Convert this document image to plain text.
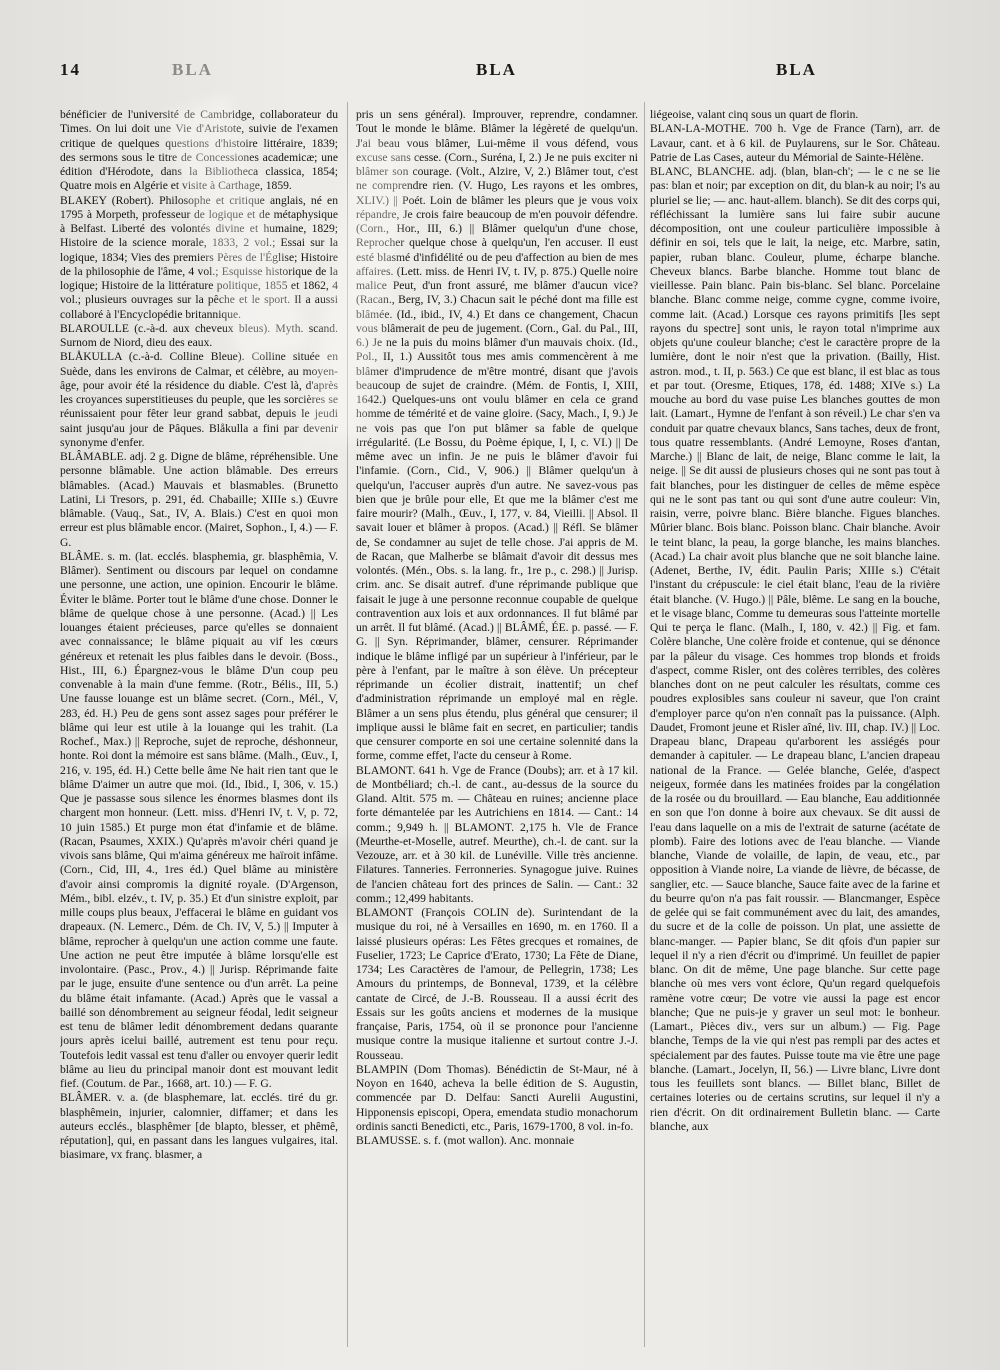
14	BLA	BLA	BLA

bénéficier de l'université de Cambridge, collaborateur du Times. On lui doit une Vie d'Aristote, suivie de l'examen critique de quelques questions d'histoire littéraire, 1839; des sermons sous le titre de Concessiones academicæ; une édition d'Hérodote, dans la Bibliotheca classica, 1854; Quatre mois en Algérie et visite à Carthage, 1859.

BLAKEY (Robert). Philosophe et critique anglais, né en 1795 à Morpeth, professeur de logique et de métaphysique à Belfast. Liberté des volontés divine et humaine, 1829; Histoire de la science morale, 1833, 2 vol.; Essai sur la logique, 1834; Vies des premiers Pères de l'Église; Histoire de la philosophie de l'âme, 4 vol.; Esquisse historique de la logique; Histoire de la littérature politique, 1855 et 1862, 4 vol.; plusieurs ouvrages sur la pêche et le sport. Il a aussi collaboré à l'Encyclopédie britannique.

BLAROULLE (c.-à-d. aux cheveux bleus). Myth. scand. Surnom de Niord, dieu des eaux.

BLÅKULLA (c.-à-d. Colline Bleue). Colline située en Suède, dans les environs de Calmar, et célèbre, au moyen-âge, pour avoir été la résidence du diable. C'est là, d'après les croyances superstitieuses du peuple, que les sorcières se réunissaient pour fêter leur grand sabbat, depuis le jeudi saint jusqu'au jour de Pâques. Blåkulla a fini par devenir synonyme d'enfer.

BLÂMABLE. adj. 2 g. Digne de blâme, répréhensible. Une personne blâmable. Une action blâmable. Des erreurs blâmables. (Acad.) Mauvais et blasmables. (Brunetto Latini, Li Tresors, p. 291, éd. Chabaille; XIIIe s.) Œuvre blâmable. (Vauq., Sat., IV, A. Blais.) C'est en quoi mon erreur est plus blâmable encor. (Mairet, Sophon., I, 4.) — F. G.

BLÂME. s. m. (lat. ecclés. blasphemia, gr. blasphêmia, V. Blâmer). Sentiment ou discours par lequel on condamne une personne, une action, une opinion. Encourir le blâme. Éviter le blâme. Porter tout le blâme d'une chose. Donner le blâme de quelque chose à une personne. (Acad.) || Les louanges étaient précieuses, parce qu'elles se donnaient avec connaissance; le blâme piquait au vif les cœurs généreux et retenait les plus faibles dans le devoir. (Boss., Hist., III, 6.) Épargnez-vous le blâme D'un coup peu convenable à la main d'une femme. (Rotr., Bélis., III, 5.) Une fausse louange est un blâme secret. (Corn., Mél., V, 283, éd. H.) Peu de gens sont assez sages pour préférer le blâme qui leur est utile à la louange qui les trahit. (La Rochef., Max.) || Reproche, sujet de reproche, déshonneur, honte. Roi dont la mémoire est sans blâme. (Malh., Œuv., I, 216, v. 195, éd. H.) Cette belle âme Ne hait rien tant que le blâme D'aimer un autre que moi. (Id., Ibid., I, 306, v. 15.) Que je passasse sous silence les énormes blasmes dont ils chargent mon honneur. (Lett. miss. d'Henri IV, t. V, p. 72, 10 juin 1585.) Et purge mon état d'infamie et de blâme. (Racan, Psaumes, XXIX.) Qu'après m'avoir chéri quand je vivois sans blâme, Qui m'aima généreux me haïroit infâme. (Corn., Cid, III, 4., 1res éd.) Quel blâme au ministère d'avoir ainsi compromis la dignité royale. (D'Argenson, Mém., bibl. elzév., t. IV, p. 35.) Et d'un sinistre exploit, par mille coups plus beaux, J'effacerai le blâme en guidant vos drapeaux. (N. Lemerc., Dém. de Ch. IV, V, 5.) || Imputer à blâme, reprocher à quelqu'un une action comme une faute. Une action ne peut être imputée à blâme lorsqu'elle est involontaire. (Pasc., Prov., 4.) || Jurisp. Réprimande faite par le juge, ensuite d'une sentence ou d'un arrêt. La peine du blâme était infamante. (Acad.) Après que le vassal a baillé son dénombrement au seigneur féodal, ledit seigneur est tenu de blâmer ledit dénombrement dedans quarante jours après icelui baillé, autrement est tenu pour reçu. Toutefois ledit vassal est tenu d'aller ou envoyer querir ledit blâme au lieu du principal manoir dont est mouvant ledit fief. (Coutum. de Par., 1668, art. 10.) — F. G.

BLÂMER. v. a. (de blasphemare, lat. ecclés. tiré du gr. blasphêmein, injurier, calomnier, diffamer; et dans les auteurs ecclés., blasphêmer [de blapto, blesser, et phêmê, réputation], qui, en passant dans les langues vulgaires, ital. biasimare, vx franç. blasmer, a

pris un sens général). Improuver, reprendre, condamner. Tout le monde le blâme. Blâmer la légèreté de quelqu'un. J'ai beau vous blâmer, Lui-même il vous défend, vous excuse sans cesse. (Corn., Suréna, I, 2.) Je ne puis exciter ni blâmer son courage. (Volt., Alzire, V, 2.) Blâmer tout, c'est ne comprendre rien. (V. Hugo, Les rayons et les ombres, XLIV.) || Poét. Loin de blâmer les pleurs que je vous voix répandre, Je crois faire beaucoup de m'en pouvoir défendre. (Corn., Hor., III, 6.) || Blâmer quelqu'un d'une chose, Reprocher quelque chose à quelqu'un, l'en accuser. Il eust esté blasmé d'infidélité ou de peu d'affection au bien de mes affaires. (Lett. miss. de Henri IV, t. IV, p. 875.) Quelle noire malice Peut, d'un front assuré, me blâmer d'aucun vice? (Racan., Berg, IV, 3.) Chacun sait le péché dont ma fille est blâmée. (Id., ibid., IV, 4.) Et dans ce changement, Chacun vous blâmerait de peu de jugement. (Corn., Gal. du Pal., III, 6.) Je ne la puis du moins blâmer d'un mauvais choix. (Id., Pol., II, 1.) Aussitôt tous mes amis commencèrent à me blâmer d'imprudence de m'être montré, disant que j'avois beaucoup de sujet de craindre. (Mém. de Fontis, I, XIII, 1642.) Quelques-uns ont voulu blâmer en cela ce grand homme de témérité et de vaine gloire. (Sacy, Mach., I, 9.) Je ne vois pas que l'on put blâmer sa fable de quelque irrégularité. (Le Bossu, du Poème épique, I, I, c. VI.) || De même avec un infin. Je ne puis le blâmer d'avoir fui l'infamie. (Corn., Cid., V, 906.) || Blâmer quelqu'un à quelqu'un, l'accuser auprès d'un autre. Ne savez-vous pas bien que je brûle pour elle, Et que me la blâmer c'est me faire mourir? (Malh., Œuv., I, 177, v. 84, Vieilli. || Absol. Il savait louer et blâmer à propos. (Acad.) || Réfl. Se blâmer de, Se condamner au sujet de telle chose. J'ai appris de M. de Racan, que Malherbe se blâmait d'avoir dit dessus mes volontés. (Mén., Obs. s. la lang. fr., 1re p., c. 298.) || Jurisp. crim. anc. Se disait autref. d'une réprimande publique que faisait le juge à une personne reconnue coupable de quelque contravention aux lois et aux ordonnances. Il fut blâmé par un arrêt. Il fut blâmé. (Acad.) || BLÂMÉ, ÉE. p. passé. — F. G. || Syn. Réprimander, blâmer, censurer. Réprimander indique le blâme infligé par un supérieur à l'inférieur, par le père à l'enfant, par le maître à son élève. Un précepteur réprimande un écolier distrait, inattentif; un chef d'administration réprimande un employé mal en règle. Blâmer a un sens plus étendu, plus général que censurer; il implique aussi le blâme fait en secret, en particulier; tandis que censurer comporte en soi une certaine solennité dans la forme, comme effet, l'acte du censeur à Rome.

BLAMONT. 641 h. Vge de France (Doubs); arr. et à 17 kil. de Montbéliard; ch.-l. de cant., au-dessus de la source du Gland. Altit. 575 m. — Château en ruines; ancienne place forte démantelée par les Autrichiens en 1814. — Cant.: 14 comm.; 9,949 h. || BLAMONT. 2,175 h. Vle de France (Meurthe-et-Moselle, autref. Meurthe), ch.-l. de cant. sur la Vezouze, arr. et à 30 kil. de Lunéville. Ville très ancienne. Filatures. Tanneries. Ferronneries. Synagogue juive. Ruines de l'ancien château fort des princes de Salin. — Cant.: 32 comm.; 12,499 habitants.

BLAMONT (François COLIN de). Surintendant de la musique du roi, né à Versailles en 1690, m. en 1760. Il a laissé plusieurs opéras: Les Fêtes grecques et romaines, de Fuselier, 1723; Le Caprice d'Erato, 1730; La Fête de Diane, 1734; Les Caractères de l'amour, de Pellegrin, 1738; Les Amours du printemps, de Bonneval, 1739, et la célèbre cantate de Circé, de J.-B. Rousseau. Il a aussi écrit des Essais sur les goûts anciens et modernes de la musique française, Paris, 1754, où il se prononce pour l'ancienne musique contre la musique italienne et surtout contre J.-J. Rousseau.

BLAMPIN (Dom Thomas). Bénédictin de St-Maur, né à Noyon en 1640, acheva la belle édition de S. Augustin, commencée par D. Delfau: Sancti Aurelii Augustini, Hipponensis episcopi, Opera, emendata studio monachorum ordinis sancti Benedicti, etc., Paris, 1679-1700, 8 vol. in-fo.

BLAMUSSE. s. f. (mot wallon). Anc. monnaie

liégeoise, valant cinq sous un quart de florin.

BLAN-LA-MOTHE. 700 h. Vge de France (Tarn), arr. de Lavaur, cant. et à 6 kil. de Puylaurens, sur le Sor. Château. Patrie de Las Cases, auteur du Mémorial de Sainte-Hélène.

BLANC, BLANCHE. adj. (blan, blan-ch'; — le c ne se lie pas: blan et noir; par exception on dit, du blan-k au noir; l's au pluriel se lie; — anc. haut-allem. blanch). Se dit des corps qui, réfléchissant la lumière sans lui faire subir aucune décomposition, ont une couleur particulière impossible à définir en soi, tels que le lait, la neige, etc. Marbre, satin, papier, ruban blanc. Couleur, plume, écharpe blanche. Cheveux blancs. Barbe blanche. Homme tout blanc de vieillesse. Pain blanc. Pain bis-blanc. Sel blanc. Porcelaine blanche. Blanc comme neige, comme cygne, comme ivoire, comme lait. (Acad.) Lorsque ces rayons primitifs [les sept rayons du spectre] sont unis, le rayon total n'imprime aux objets qu'une couleur blanche; c'est le caractère propre de la lumière, dont le noir n'est que la privation. (Bailly, Hist. astron. mod., t. II, p. 563.) Ce que est blanc, il est blac as tous et par tout. (Oresme, Etiques, 178, éd. 1488; XIVe s.) La mouche au bord du vase puise Les blanches gouttes de mon lait. (Lamart., Hymne de l'enfant à son réveil.) Le char s'en va conduit par quatre chevaux blancs, Sans taches, deux de front, tous quatre ressemblants. (André Lemoyne, Roses d'antan, Marche.) || Blanc de lait, de neige, Blanc comme le lait, la neige. || Se dit aussi de plusieurs choses qui ne sont pas tout à fait blanches, pour les distinguer de celles de même espèce qui ne le sont pas tant ou qui sont d'une autre couleur: Vin, raisin, verre, poivre blanc. Bière blanche. Figues blanches. Mûrier blanc. Bois blanc. Poisson blanc. Chair blanche. Avoir le teint blanc, la peau, la gorge blanche, les mains blanches. (Acad.) La chair avoit plus blanche que ne soit blanche laine. (Adenet, Berthe, IV, édit. Paulin Paris; XIIIe s.) C'était l'instant du crépuscule: le ciel était blanc, l'eau de la rivière était blanche. (V. Hugo.) || Pâle, blême. Le sang en la bouche, et le visage blanc, Comme tu demeuras sous l'atteinte mortelle Qui te perça le flanc. (Malh., I, 180, v. 42.) || Fig. et fam. Colère blanche, Une colère froide et contenue, qui se dénonce par la pâleur du visage. Ces hommes trop blonds et froids d'aspect, comme Risler, ont des colères terribles, des colères blanches dont on ne peut calculer les résultats, comme ces poudres explosibles sans couleur ni saveur, que l'on craint d'employer parce qu'on n'en connaît pas la puissance. (Alph. Daudet, Fromont jeune et Risler aîné, liv. III, chap. IV.) || Loc. Drapeau blanc, Drapeau qu'arborent les assiégés pour demander à capituler. — Le drapeau blanc, L'ancien drapeau national de la France. — Gelée blanche, Gelée, d'aspect neigeux, formée dans les matinées froides par la congélation de la rosée ou du brouillard. — Eau blanche, Eau additionnée en son que l'on donne à boire aux chevaux. Se dit aussi de l'eau dans laquelle on a mis de l'extrait de saturne (acétate de plomb). Faire des lotions avec de l'eau blanche. — Viande blanche, Viande de volaille, de lapin, de veau, etc., par opposition à Viande noire, La viande de lièvre, de bécasse, de sanglier, etc. — Sauce blanche, Sauce faite avec de la farine et du beurre qu'on n'a pas fait roussir. — Blancmanger, Espèce de gelée qui se fait communément avec du lait, des amandes, du sucre et de la colle de poisson. Un plat, une assiette de blanc-manger. — Papier blanc, Se dit qfois d'un papier sur lequel il n'y a rien d'écrit ou d'imprimé. Un feuillet de papier blanc. On dit de même, Une page blanche. Sur cette page blanche où mes vers vont éclore, Qu'un regard quelquefois ramène votre cœur; De votre vie aussi la page est encor blanche; Que ne puis-je y graver un seul mot: le bonheur. (Lamart., Pièces div., vers sur un album.) — Fig. Page blanche, Temps de la vie qui n'est pas rempli par des actes et spécialement par des fautes. Puisse toute ma vie être une page blanche. (Lamart., Jocelyn, II, 56.) — Livre blanc, Livre dont tous les feuillets sont blancs. — Billet blanc, Billet de certaines loteries ou de certains scrutins, sur lequel il n'y a rien d'écrit. On dit ordinairement Bulletin blanc. — Carte blanche, aux
